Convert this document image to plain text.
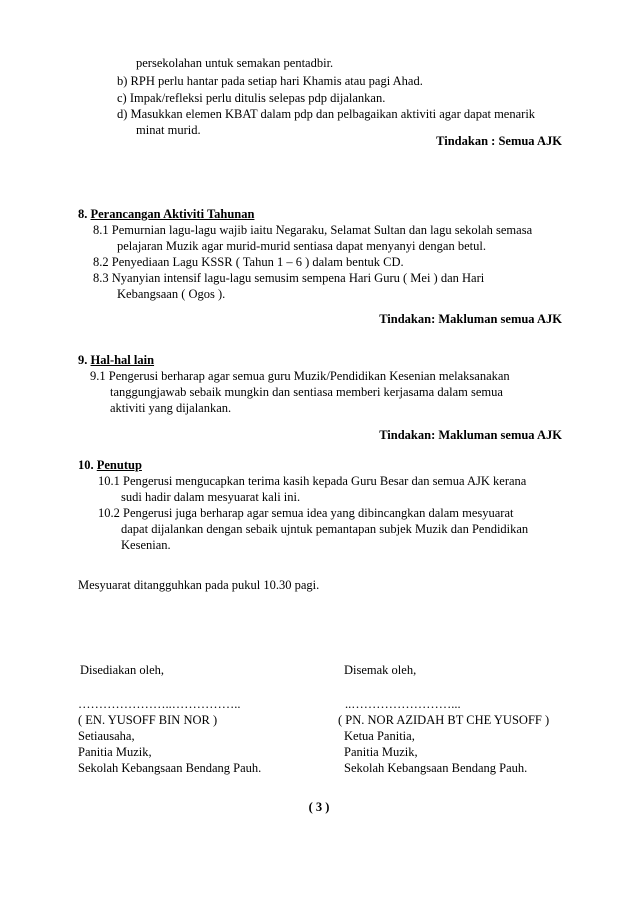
persekolahan untuk semakan pentadbir.
b) RPH perlu hantar pada setiap hari Khamis atau pagi Ahad.
c) Impak/refleksi perlu ditulis selepas pdp dijalankan.
d) Masukkan elemen KBAT dalam pdp dan pelbagaikan aktiviti agar dapat menarik
minat murid.
Tindakan : Semua AJK
8. Perancangan Aktiviti Tahunan
8.1 Pemurnian lagu-lagu wajib iaitu Negaraku, Selamat Sultan dan lagu sekolah semasa
pelajaran Muzik agar murid-murid sentiasa dapat menyanyi dengan betul.
8.2 Penyediaan Lagu KSSR ( Tahun 1 – 6 ) dalam bentuk CD.
8.3 Nyanyian intensif lagu-lagu semusim sempena Hari Guru ( Mei ) dan Hari
Kebangsaan ( Ogos ).
Tindakan: Makluman semua AJK
9. Hal-hal lain
9.1 Pengerusi berharap agar semua guru Muzik/Pendidikan Kesenian melaksanakan
tanggungjawab sebaik mungkin dan sentiasa memberi kerjasama dalam semua
aktiviti yang dijalankan.
Tindakan: Makluman semua AJK
10. Penutup
10.1 Pengerusi mengucapkan terima kasih kepada Guru Besar dan semua AJK kerana
sudi hadir dalam mesyuarat kali ini.
10.2 Pengerusi juga berharap agar semua idea yang dibincangkan dalam mesyuarat
dapat dijalankan dengan sebaik ujntuk pemantapan subjek Muzik dan Pendidikan
Kesenian.
Mesyuarat ditangguhkan pada pukul 10.30 pagi.
Disediakan oleh,
…………………..……………..
( EN. YUSOFF BIN NOR )
Setiausaha,
Panitia Muzik,
Sekolah Kebangsaan Bendang Pauh.
Disemak oleh,
..……………………...
( PN. NOR AZIDAH BT CHE YUSOFF )
Ketua Panitia,
Panitia Muzik,
Sekolah Kebangsaan Bendang Pauh.
( 3 )
